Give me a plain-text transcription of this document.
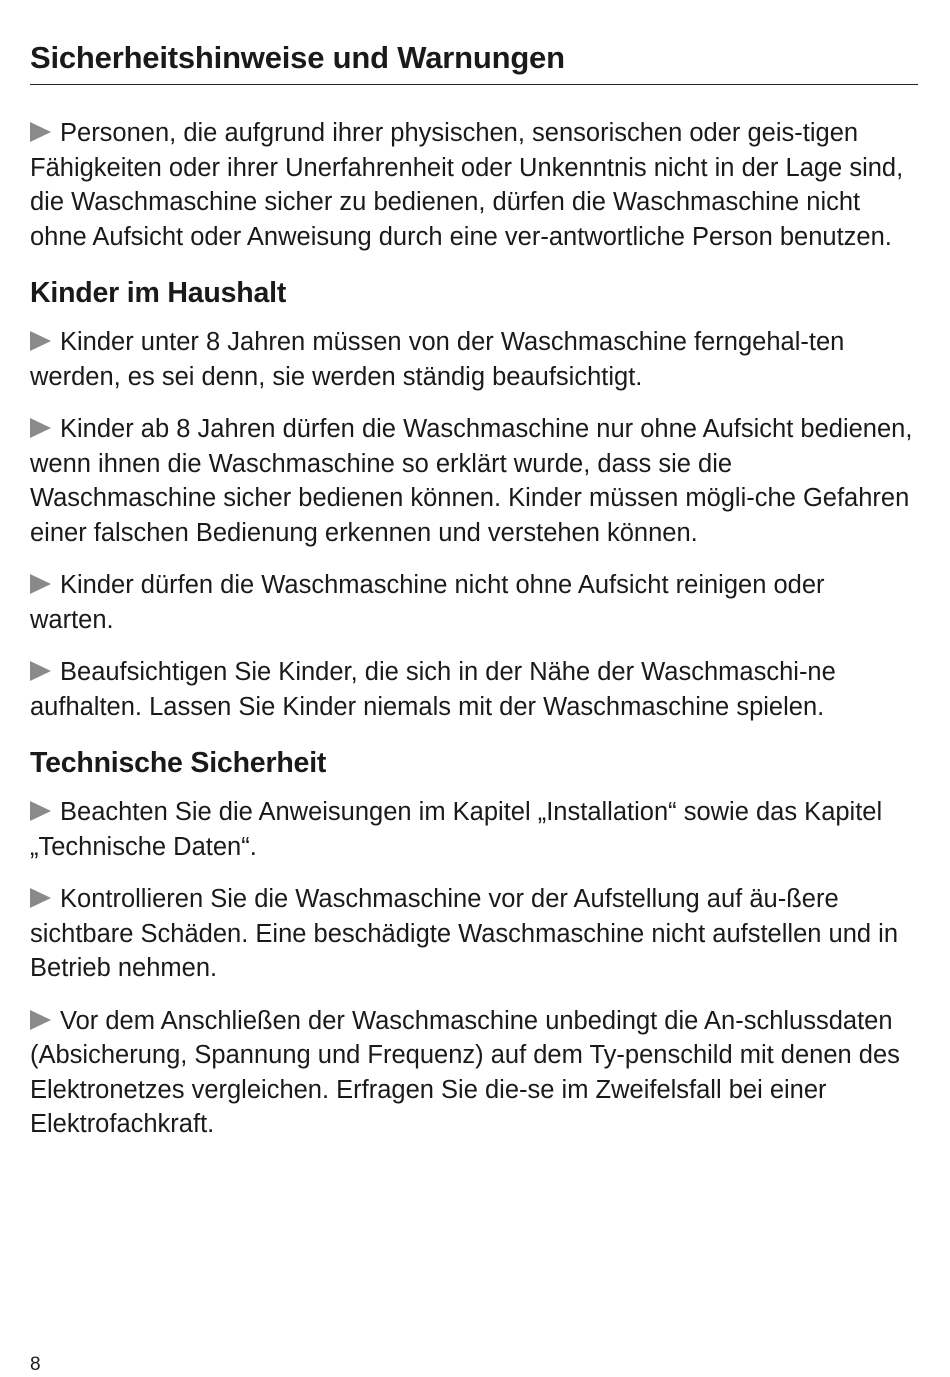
Sicherheitshinweise und Warnungen

Personen, die aufgrund ihrer physischen, sensorischen oder geis-tigen Fähigkeiten oder ihrer Unerfahrenheit oder Unkenntnis nicht in der Lage sind, die Waschmaschine sicher zu bedienen, dürfen die Waschmaschine nicht ohne Aufsicht oder Anweisung durch eine ver-antwortliche Person benutzen.

Kinder im Haushalt

Kinder unter 8 Jahren müssen von der Waschmaschine ferngehal-ten werden, es sei denn, sie werden ständig beaufsichtigt.

Kinder ab 8 Jahren dürfen die Waschmaschine nur ohne Aufsicht bedienen, wenn ihnen die Waschmaschine so erklärt wurde, dass sie die Waschmaschine sicher bedienen können. Kinder müssen mögli-che Gefahren einer falschen Bedienung erkennen und verstehen können.

Kinder dürfen die Waschmaschine nicht ohne Aufsicht reinigen oder warten.

Beaufsichtigen Sie Kinder, die sich in der Nähe der Waschmaschi-ne aufhalten. Lassen Sie Kinder niemals mit der Waschmaschine spielen.

Technische Sicherheit

Beachten Sie die Anweisungen im Kapitel „Installation“ sowie das Kapitel „Technische Daten“.

Kontrollieren Sie die Waschmaschine vor der Aufstellung auf äu-ßere sichtbare Schäden. Eine beschädigte Waschmaschine nicht aufstellen und in Betrieb nehmen.

Vor dem Anschließen der Waschmaschine unbedingt die An-schlussdaten (Absicherung, Spannung und Frequenz) auf dem Ty-penschild mit denen des Elektronetzes vergleichen. Erfragen Sie die-se im Zweifelsfall bei einer Elektrofachkraft.

8
